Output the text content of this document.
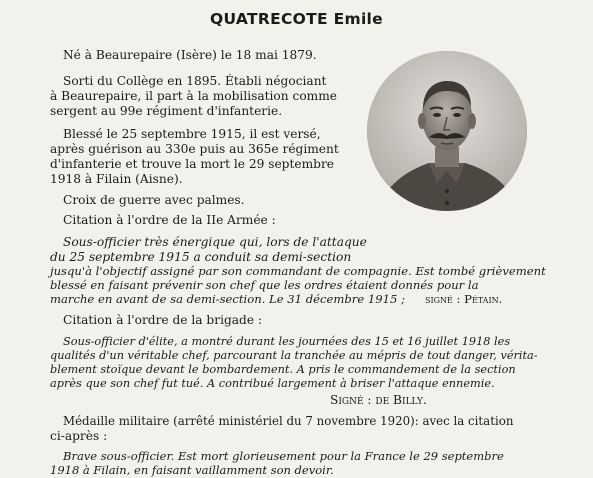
QUATRECOTE Emile

Né à Beaurepaire (Isère) le 18 mai 1879.

Sorti du Collège en 1895. Établi négociant

à Beaurepaire, il part à la mobilisation comme

sergent au 99e régiment d'infanterie.

Blessé le 25 septembre 1915, il est versé,

après guérison au 330e puis au 365e régiment

d'infanterie et trouve la mort le 29 septembre

1918 à Filain (Aisne).

Croix de guerre avec palmes.

Citation à l'ordre de la IIe Armée :

Sous-officier très énergique qui, lors de l'attaque

du 25 septembre 1915 a conduit sa demi-section

jusqu'à l'objectif assigné par son commandant de compagnie. Est tombé grièvement

blessé en faisant prévenir son chef que les ordres étaient donnés pour la

marche en avant de sa demi-section. Le 31 décembre 1915 ; signé : Pétain.

Citation à l'ordre de la brigade :

Sous-officier d'élite, a montré durant les journées des 15 et 16 juillet 1918 les

qualités d'un véritable chef, parcourant la tranchée au mépris de tout danger, vérita-

blement stoïque devant le bombardement. A pris le commandement de la section

après que son chef fut tué. A contribué largement à briser l'attaque ennemie.

Signé : de Billy.

Médaille militaire (arrêté ministériel du 7 novembre 1920): avec la citation

ci-après :

Brave sous-officier. Est mort glorieusement pour la France le 29 septembre

1918 à Filain, en faisant vaillamment son devoir.
